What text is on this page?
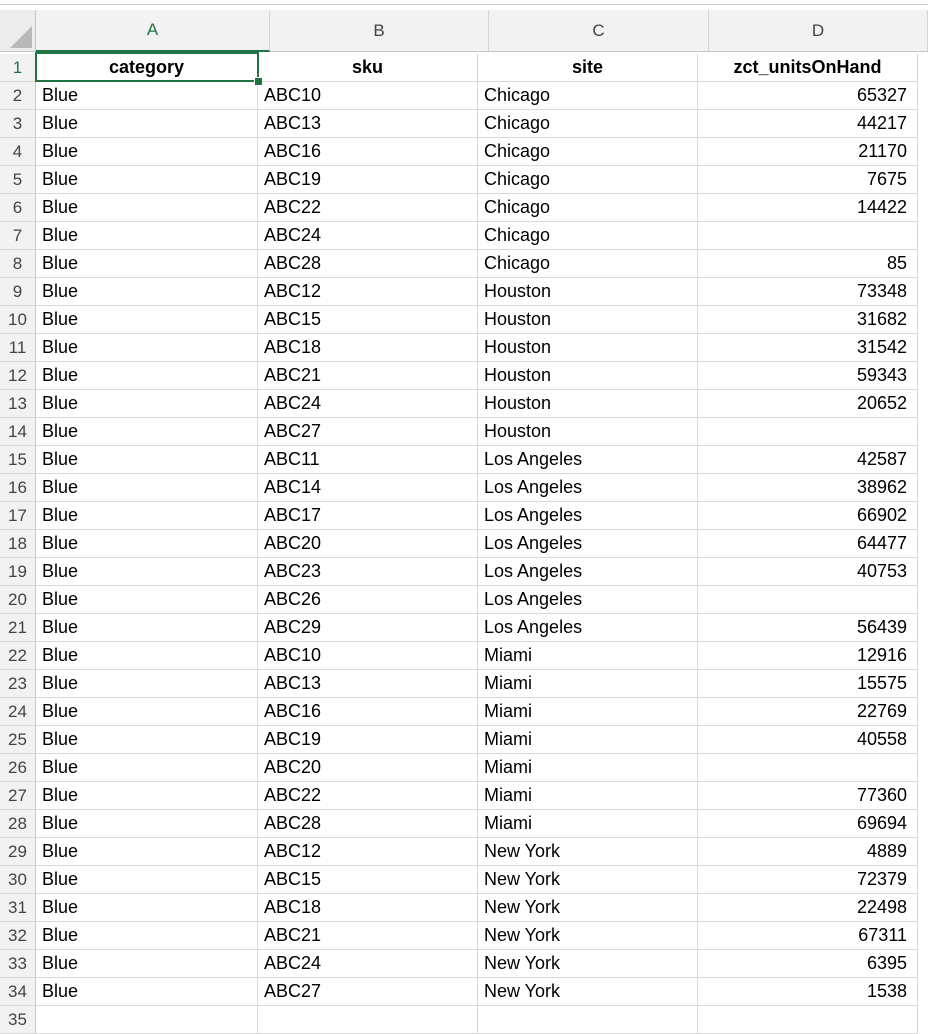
A	B	C	D
1	category	sku	site	zct_unitsOnHand
2	Blue	ABC10	Chicago	65327
3	Blue	ABC13	Chicago	44217
4	Blue	ABC16	Chicago	21170
5	Blue	ABC19	Chicago	7675
6	Blue	ABC22	Chicago	14422
7	Blue	ABC24	Chicago
8	Blue	ABC28	Chicago	85
9	Blue	ABC12	Houston	73348
10 Blue	ABC15	Houston	31682
11 Blue	ABC18	Houston	31542
12 Blue	ABC21	Houston	59343
13 Blue	ABC24	Houston	20652
14 Blue	ABC27	Houston
15 Blue	ABC11	Los Angeles	42587
16 Blue	ABC14	Los Angeles	38962
17 Blue	ABC17	Los Angeles	66902
18 Blue	ABC20	Los Angeles	64477
19 Blue	ABC23	Los Angeles	40753
20 Blue	ABC26	Los Angeles
21 Blue	ABC29	Los Angeles	56439
22 Blue	ABC10	Miami	12916
23 Blue	ABC13	Miami	15575
24 Blue	ABC16	Miami	22769
25 Blue	ABC19	Miami	40558
26 Blue	ABC20	Miami
27 Blue	ABC22	Miami	77360
28 Blue	ABC28	Miami	69694
29 Blue	ABC12	New York	4889
30 Blue	ABC15	New York	72379
31 Blue	ABC18	New York	22498
32 Blue	ABC21	New York	67311
33 Blue	ABC24	New York	6395
34 Blue	ABC27	New York	1538
35
